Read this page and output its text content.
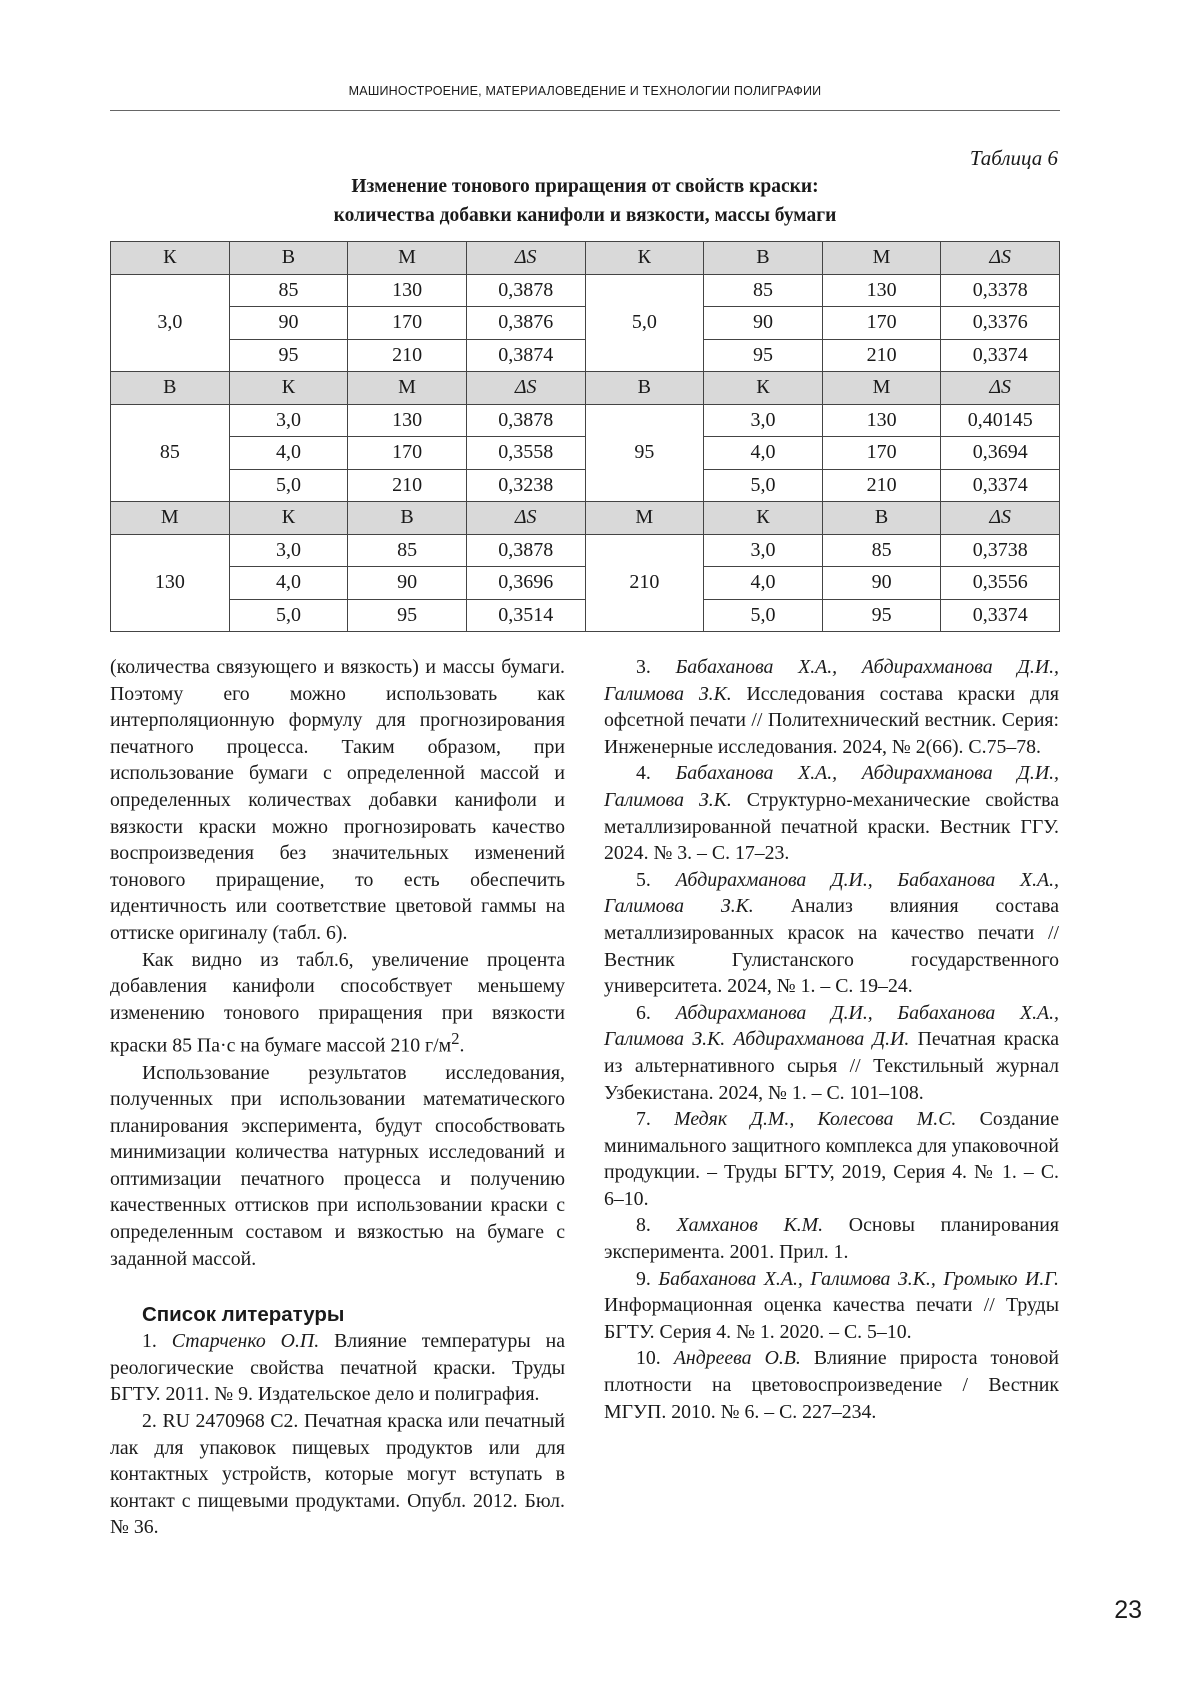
МАШИНОСТРОЕНИЕ, МАТЕРИАЛОВЕДЕНИЕ И ТЕХНОЛОГИИ ПОЛИГРАФИИ
Таблица 6
Изменение тонового приращения от свойств краски:
количества добавки канифоли и вязкости, массы бумаги
К	В	М	ΔS	К	В	М	ΔS
3,0	85	130	0,3878	5,0	85	130	0,3378
	90	170	0,3876		90	170	0,3376
	95	210	0,3874		95	210	0,3374
В	К	М	ΔS	В	К	М	ΔS
85	3,0	130	0,3878	95	3,0	130	0,40145
	4,0	170	0,3558		4,0	170	0,3694
	5,0	210	0,3238		5,0	210	0,3374
М	К	В	ΔS	М	К	В	ΔS
130	3,0	85	0,3878	210	3,0	85	0,3738
	4,0	90	0,3696		4,0	90	0,3556
	5,0	95	0,3514		5,0	95	0,3374

(количества связующего и вязкость) и массы бумаги. Поэтому его можно использовать как интерполяционную формулу для прогнозирования печатного процесса. Таким образом, при использование бумаги с определенной массой и определенных количествах добавки канифоли и вязкости краски можно прогнозировать качество воспроизведения без значительных изменений тонового приращение, то есть обеспечить идентичность или соответствие цветовой гаммы на оттиске оригиналу (табл. 6).

Как видно из табл.6, увеличение процента добавления канифоли способствует меньшему изменению тонового приращения при вязкости краски 85 Па·с на бумаге массой 210 $г/м^2$.

Использование результатов исследования, полученных при использовании математического планирования эксперимента, будут способствовать минимизации количества натурных исследований и оптимизации печатного процесса и получению качественных оттисков при использовании краски с определенным составом и вязкостью на бумаге с заданной массой.

Список литературы

1. Старченко О.П. Влияние температуры на реологические свойства печатной краски. Труды БГТУ. 2011. № 9. Издательское дело и полиграфия.

2. RU 2470968 C2. Печатная краска или печатный лак для упаковок пищевых продуктов или для контактных устройств, которые могут вступать в контакт с пищевыми продуктами. Опубл. 2012. Бюл. № 36.

3. Бабаханова Х.А., Абдирахманова Д.И., Галимова З.К. Исследования состава краски для офсетной печати // Политехнический вестник. Серия: Инженерные исследования. 2024, № 2(66). С.75–78.

4. Бабаханова Х.А., Абдирахманова Д.И., Галимова З.К. Структурно-механические свойства металлизированной печатной краски. Вестник ГГУ. 2024. № 3. – С. 17–23.

5. Абдирахманова Д.И., Бабаханова Х.А., Галимова З.К. Анализ влияния состава металлизированных красок на качество печати // Вестник Гулистанского государственного университета. 2024, № 1. – С. 19–24.

6. Абдирахманова Д.И., Бабаханова Х.А., Галимова З.К. Абдирахманова Д.И. Печатная краска из альтернативного сырья // Текстильный журнал Узбекистана. 2024, № 1. – С. 101–108.

7. Медяк Д.М., Колесова М.С. Создание минимального защитного комплекса для упаковочной продукции. – Труды БГТУ, 2019, Серия 4. № 1. – С. 6–10.

8. Хамханов К.М. Основы планирования эксперимента. 2001. Прил. 1.

9. Бабаханова Х.А., Галимова З.К., Громыко И.Г. Информационная оценка качества печати // Труды БГТУ. Серия 4. № 1. 2020. – С. 5–10.

10. Андреева О.В. Влияние прироста тоновой плотности на цветовоспроизведение / Вестник МГУП. 2010. № 6. – С. 227–234.

23
